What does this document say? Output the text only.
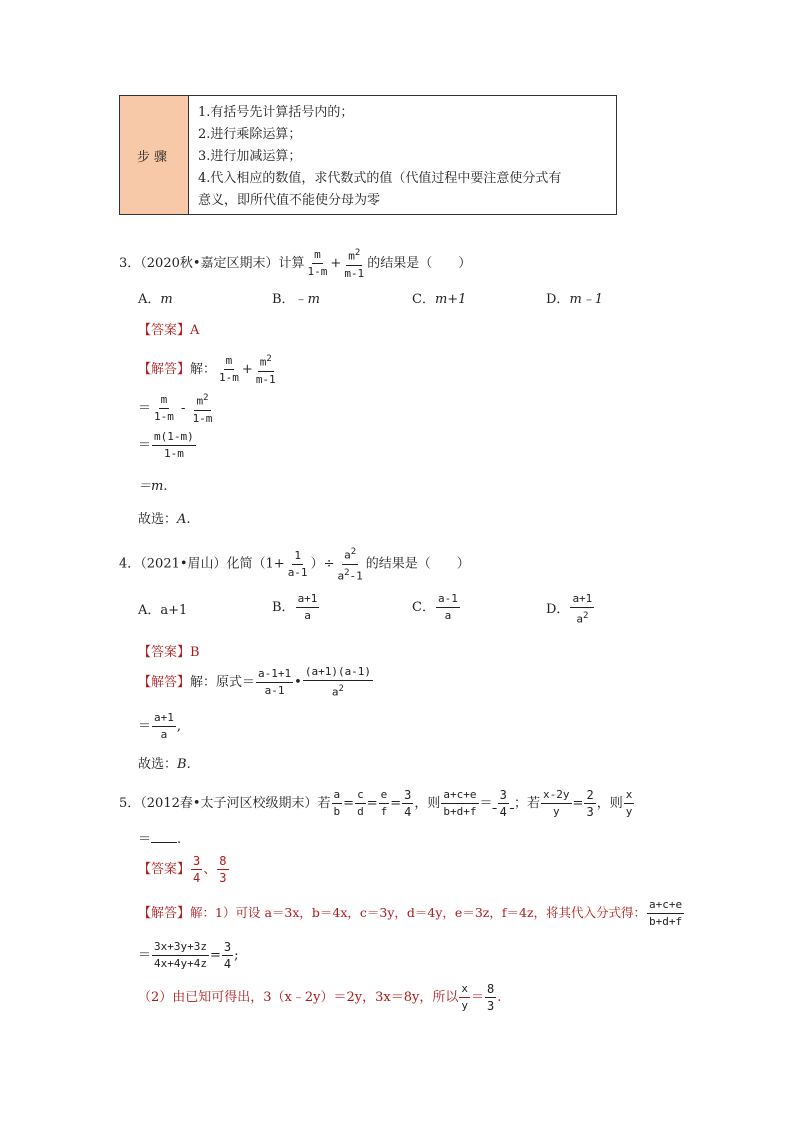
步骤
1.有括号先计算括号内的；
2.进行乘除运算；
3.进行加减运算；
4.代入相应的数值，求代数式的值（代值过程中要注意使分式有
意义，即所代值不能使分母为零
3．（2020秋•嘉定区期末）计算 $\frac{m}{1-m} + \frac{m^2}{m-1}$ 的结果是（　　）
A．m	B．﹣m	C．m+1	D．m﹣1
【答案】A
【解答】解： $\frac{m}{1-m} + \frac{m^2}{m-1}$
＝ $\frac{m}{1-m} - \frac{m^2}{1-m}$
＝ $\frac{m(1-m)}{1-m}$
＝m.
故选：A.
4．（2021•眉山）化简（$1+ \frac{1}{a-1}$ ）÷ $\frac{a^2}{a^2-1}$ 的结果是（　　）
A．a+1	B． $\frac{a+1}{a}$	C． $\frac{a-1}{a}$	D． $\frac{a+1}{a^2}$
【答案】B
【解答】解：原式＝ $\frac{a-1+1}{a-1}$ • $\frac{(a+1)(a-1)}{a^2}$
＝ $\frac{a+1}{a}$ ,
故选：B.
5．（2012春•太子河区校级期末）若 $\frac{a}{b} = \frac{c}{d} = \frac{e}{f} = \frac{3}{4}$ ，则 $\frac{a+c+e}{b+d+f} = \frac{3}{4}$ ；若 $\frac{x-2y}{y} = \frac{2}{3}$ ，则 $\frac{x}{y}$
＝ .
【答案】 $\frac{3}{4}$ 、 $\frac{8}{3}$
【解答】解：1）可设 a＝3x，b＝4x，c＝3y，d＝4y，e＝3z，f＝4z，将其代入分式得： $\frac{a+c+e}{b+d+f}$
＝ $\frac{3x+3y+3z}{4x+4y+4z} = \frac{3}{4}$ ;
（2）由已知可得出，3（x﹣2y）＝2y，3x＝8y，所以 $\frac{x}{y} = \frac{8}{3}$ .
